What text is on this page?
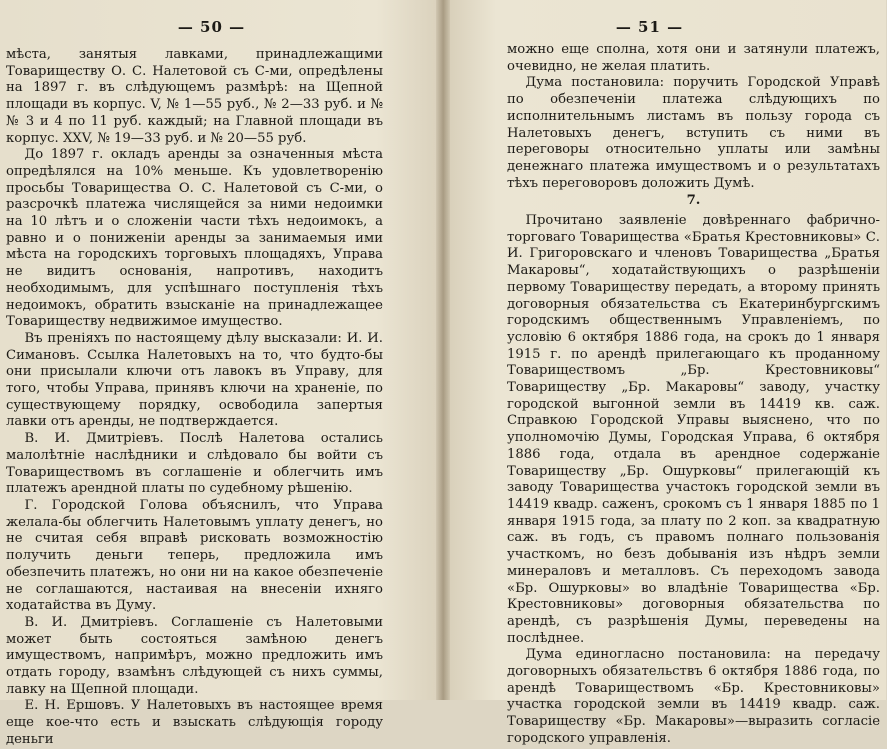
— 50 —

мѣста, занятыя лавками, принадлежащими Товариществу О. С. Налетовой съ С-ми, опредѣлены на 1897 г. въ слѣдующемъ размѣрѣ: на Щепной площади въ корпус. V, № 1—55 руб., № 2—33 руб. и №№ 3 и 4 по 11 руб. каждый; на Главной площади въ корпус. XXV, № 19—33 руб. и № 20—55 руб.

До 1897 г. окладъ аренды за означенныя мѣста опредѣлялся на 10% меньше. Къ удовлетворенію просьбы Товарищества О. С. Налетовой съ С-ми, о разсрочкѣ платежа числящейся за ними недоимки на 10 лѣтъ и о сложеніи части тѣхъ недоимокъ, а равно и о пониженіи аренды за занимаемыя ими мѣста на городскихъ торговыхъ площадяхъ, Управа не видитъ основанія, напротивъ, находитъ необходимымъ, для успѣшнаго поступленія тѣхъ недоимокъ, обратить взысканіе на принадлежащее Товариществу недвижимое имущество.

Въ преніяхъ по настоящему дѣлу высказали: И. И. Симановъ. Ссылка Налетовыхъ на то, что будто-бы они присылали ключи отъ лавокъ въ Управу, для того, чтобы Управа, принявъ ключи на храненіе, по существующему порядку, освободила запертыя лавки отъ аренды, не подтверждается.

В. И. Дмитріевъ. Послѣ Налетова остались малолѣтніе наслѣдники и слѣдовало бы войти съ Товариществомъ въ соглашеніе и облегчить имъ платежъ арендной платы по судебному рѣшенію.

Г. Городской Голова объяснилъ, что Управа желала-бы облегчить Налетовымъ уплату денегъ, но не считая себя вправѣ рисковать возможностію получить деньги теперь, предложила имъ обезпечить платежъ, но они ни на какое обезпеченіе не соглашаются, настаивая на внесеніи ихняго ходатайства въ Думу.

В. И. Дмитріевъ. Соглашеніе съ Налетовыми может быть состояться замѣною денегъ имуществомъ, напримѣръ, можно предложить имъ отдать городу, взамѣнъ слѣдующей съ нихъ суммы, лавку на Щепной площади.

Е. Н. Ершовъ. У Налетовыхъ въ настоящее время еще кое-что есть и взыскать слѣдующія городу деньги

— 51 —

можно еще сполна, хотя они и затянули платежъ, очевидно, не желая платить.

Дума постановила: поручить Городской Управѣ по обезпеченіи платежа слѣдующихъ по исполнительнымъ листамъ въ пользу города съ Налетовыхъ денегъ, вступить съ ними въ переговоры относительно уплаты или замѣны денежнаго платежа имуществомъ и о результатахъ тѣхъ переговоровъ доложить Думѣ.

7.

Прочитано заявленіе довѣреннаго фабрично-торговаго Товарищества «Братья Крестовниковы» С. И. Григоровскаго и членовъ Товарищества „Братья Макаровы“, ходатайствующихъ о разрѣшеніи первому Товариществу передать, а второму принять договорныя обязательства съ Екатеринбургскимъ городскимъ общественнымъ Управленіемъ, по условію 6 октября 1886 года, на срокъ до 1 января 1915 г. по арендѣ прилегающаго къ проданному Товариществомъ „Бр. Крестовниковы“ Товариществу „Бр. Макаровы“ заводу, участку городской выгонной земли въ 14419 кв. саж. Справкою Городской Управы выяснено, что по уполномочію Думы, Городская Управа, 6 октября 1886 года, отдала въ арендное содержаніе Товариществу „Бр. Ошурковы“ прилегающій къ заводу Товарищества участокъ городской земли въ 14419 квадр. саженъ, срокомъ съ 1 января 1885 по 1 января 1915 года, за плату по 2 коп. за квадратную саж. въ годъ, съ правомъ полнаго пользованія участкомъ, но безъ добыванія изъ нѣдръ земли минераловъ и металловъ. Съ переходомъ завода «Бр. Ошурковы» во владѣніе Товарищества «Бр. Крестовниковы» договорныя обязательства по арендѣ, съ разрѣшенія Думы, переведены на послѣднее.

Дума единогласно постановила: на передачу договорныхъ обязательствъ 6 октября 1886 года, по арендѣ Товариществомъ «Бр. Крестовниковы» участка городской земли въ 14419 квадр. саж. Товариществу «Бр. Макаровы»—выразить согласіе городского управленія.
